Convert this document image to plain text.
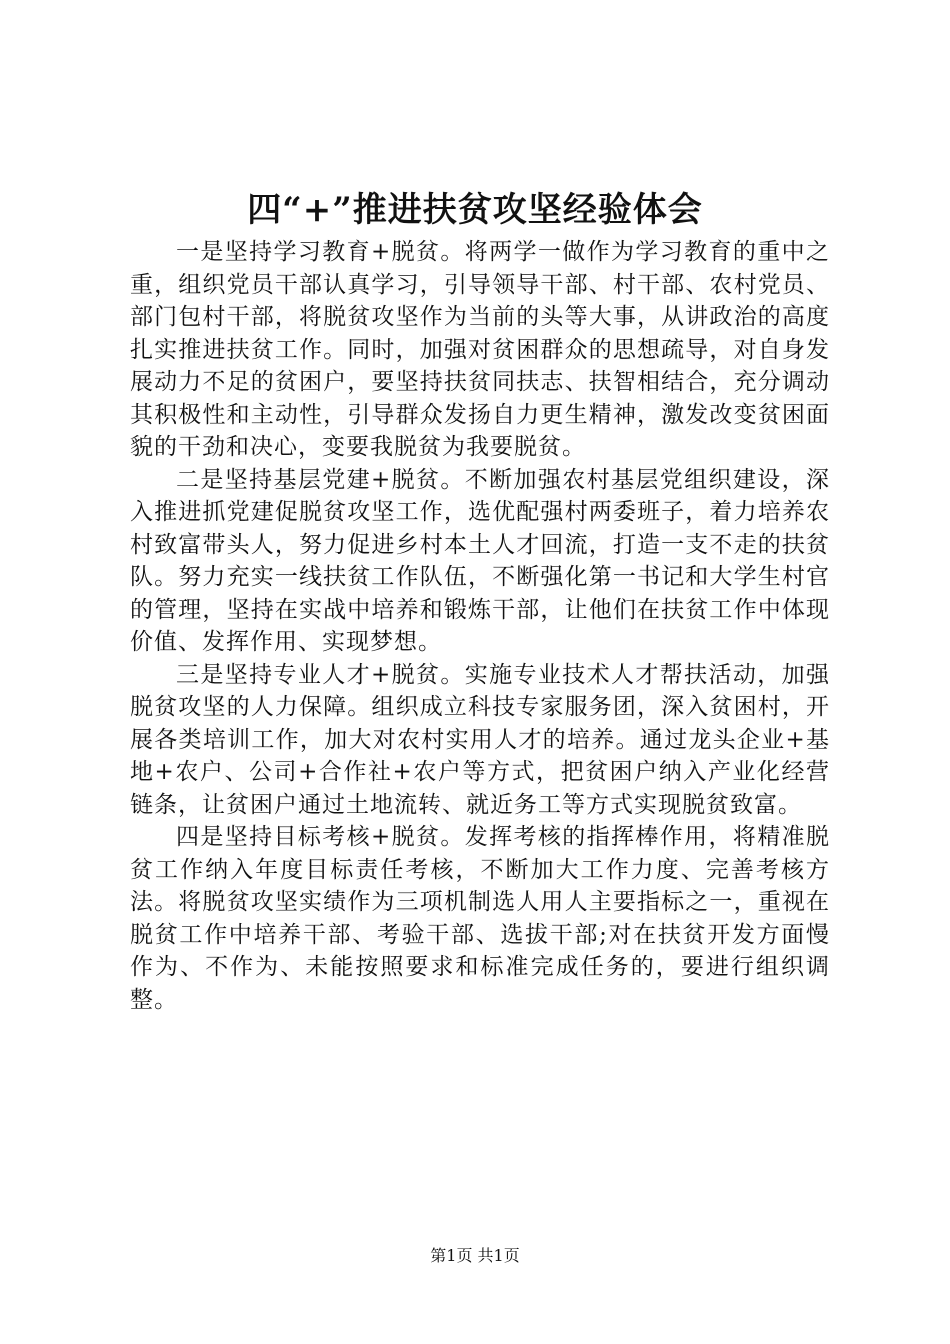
四“+”推进扶贫攻坚经验体会

一是坚持学习教育+脱贫。将两学一做作为学习教育的重中之重，组织党员干部认真学习，引导领导干部、村干部、农村党员、部门包村干部，将脱贫攻坚作为当前的头等大事，从讲政治的高度扎实推进扶贫工作。同时，加强对贫困群众的思想疏导，对自身发展动力不足的贫困户，要坚持扶贫同扶志、扶智相结合，充分调动其积极性和主动性，引导群众发扬自力更生精神，激发改变贫困面貌的干劲和决心，变要我脱贫为我要脱贫。

二是坚持基层党建+脱贫。不断加强农村基层党组织建设，深入推进抓党建促脱贫攻坚工作，选优配强村两委班子，着力培养农村致富带头人，努力促进乡村本土人才回流，打造一支不走的扶贫队。努力充实一线扶贫工作队伍，不断强化第一书记和大学生村官的管理，坚持在实战中培养和锻炼干部，让他们在扶贫工作中体现价值、发挥作用、实现梦想。

三是坚持专业人才+脱贫。实施专业技术人才帮扶活动，加强脱贫攻坚的人力保障。组织成立科技专家服务团，深入贫困村，开展各类培训工作，加大对农村实用人才的培养。通过龙头企业+基地+农户、公司+合作社+农户等方式，把贫困户纳入产业化经营链条，让贫困户通过土地流转、就近务工等方式实现脱贫致富。

四是坚持目标考核+脱贫。发挥考核的指挥棒作用，将精准脱贫工作纳入年度目标责任考核，不断加大工作力度、完善考核方法。将脱贫攻坚实绩作为三项机制选人用人主要指标之一，重视在脱贫工作中培养干部、考验干部、选拔干部;对在扶贫开发方面慢作为、不作为、未能按照要求和标准完成任务的，要进行组织调整。

第1页 共1页
